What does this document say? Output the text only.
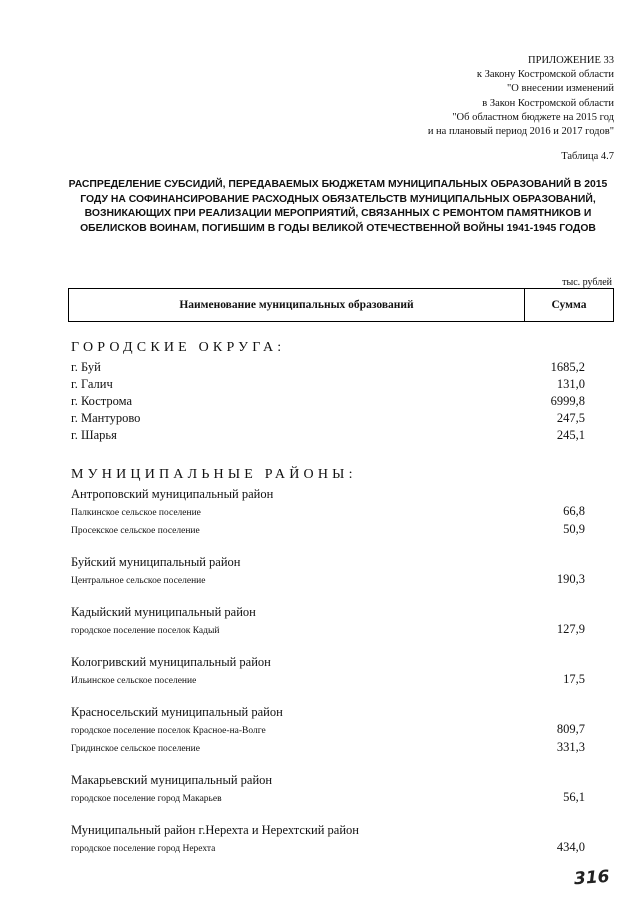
ПРИЛОЖЕНИЕ 33
к Закону Костромской области
"О внесении изменений
в Закон Костромской области
"Об областном бюджете на 2015 год
и на плановый период 2016 и 2017 годов"
Таблица 4.7
РАСПРЕДЕЛЕНИЕ СУБСИДИЙ, ПЕРЕДАВАЕМЫХ БЮДЖЕТАМ МУНИЦИПАЛЬНЫХ ОБРАЗОВАНИЙ В 2015 ГОДУ НА СОФИНАНСИРОВАНИЕ РАСХОДНЫХ ОБЯЗАТЕЛЬСТВ МУНИЦИПАЛЬНЫХ ОБРАЗОВАНИЙ, ВОЗНИКАЮЩИХ ПРИ РЕАЛИЗАЦИИ МЕРОПРИЯТИЙ, СВЯЗАННЫХ С РЕМОНТОМ ПАМЯТНИКОВ И ОБЕЛИСКОВ ВОИНАМ, ПОГИБШИМ В ГОДЫ ВЕЛИКОЙ ОТЕЧЕСТВЕННОЙ ВОЙНЫ 1941-1945 ГОДОВ
тыс. рублей
Наименование муниципальных образований	Сумма
ГОРОДСКИЕ ОКРУГА:
г. Буй	1685,2
г. Галич	131,0
г. Кострома	6999,8
г. Мантурово	247,5
г. Шарья	245,1
МУНИЦИПАЛЬНЫЕ РАЙОНЫ:
Антроповский муниципальный район
Палкинское сельское поселение	66,8
Просекское сельское поселение	50,9
Буйский муниципальный район
Центральное сельское поселение	190,3
Кадыйский муниципальный район
городское поселение поселок Кадый	127,9
Кологривский муниципальный район
Ильинское сельское поселение	17,5
Красносельский муниципальный район
городское поселение поселок Красное-на-Волге	809,7
Гридинское сельское поселение	331,3
Макарьевский муниципальный район
городское поселение город Макарьев	56,1
Муниципальный район г.Нерехта и Нерехтский район
городское поселение город Нерехта	434,0
316
